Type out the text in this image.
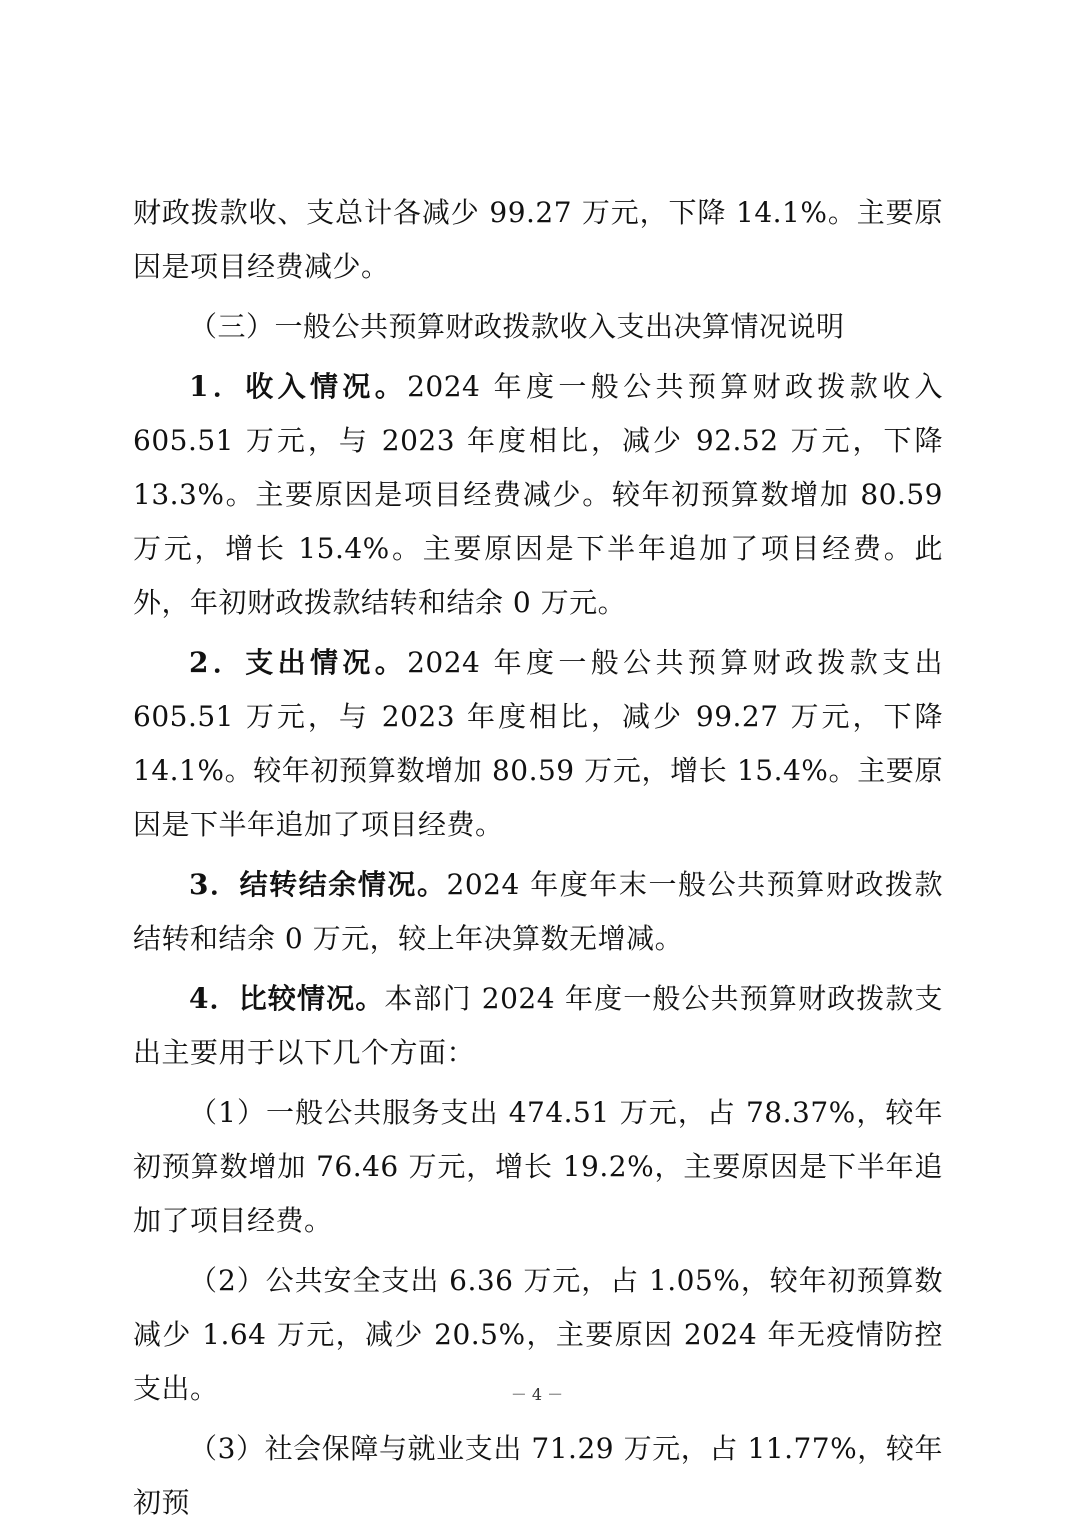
财政拨款收、支总计各减少 99.27 万元，下降 14.1%。主要原因是项目经费减少。

（三）一般公共预算财政拨款收入支出决算情况说明

1．收入情况。2024 年度一般公共预算财政拨款收入 605.51 万元，与 2023 年度相比，减少 92.52 万元，下降 13.3%。主要原因是项目经费减少。较年初预算数增加 80.59 万元，增长 15.4%。主要原因是下半年追加了项目经费。此外，年初财政拨款结转和结余 0 万元。

2．支出情况。2024 年度一般公共预算财政拨款支出 605.51 万元，与 2023 年度相比，减少 99.27 万元，下降 14.1%。较年初预算数增加 80.59 万元，增长 15.4%。主要原因是下半年追加了项目经费。

3．结转结余情况。2024 年度年末一般公共预算财政拨款结转和结余 0 万元，较上年决算数无增减。

4．比较情况。本部门 2024 年度一般公共预算财政拨款支出主要用于以下几个方面：

（1）一般公共服务支出 474.51 万元，占 78.37%，较年初预算数增加 76.46 万元，增长 19.2%，主要原因是下半年追加了项目经费。

（2）公共安全支出 6.36 万元，占 1.05%，较年初预算数减少 1.64 万元，减少 20.5%，主要原因 2024 年无疫情防控支出。

（3）社会保障与就业支出 71.29 万元，占 11.77%，较年初预

－ 4 －
